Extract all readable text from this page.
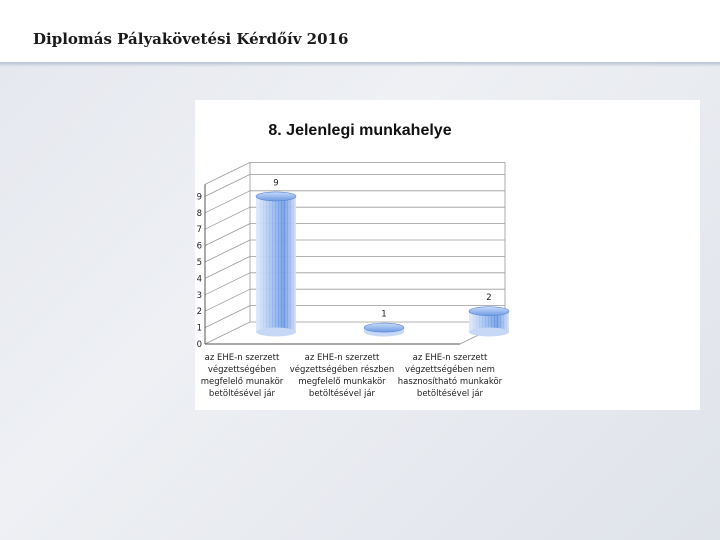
Diplomás Pályakövetési Kérdőív 2016
8. Jelenlegi munkahelye
0
1
2
3
4
5
6
7
8
9
9
1
2
az EHE-n szerzett
végzettségében
megfelelő munakör
betöltésével jár
az EHE-n szerzett
végzettségében részben
megfelelő munkakör
betöltésével jár
az EHE-n szerzett
végzettségében nem
hasznosítható munkakör
betöltésével jár
